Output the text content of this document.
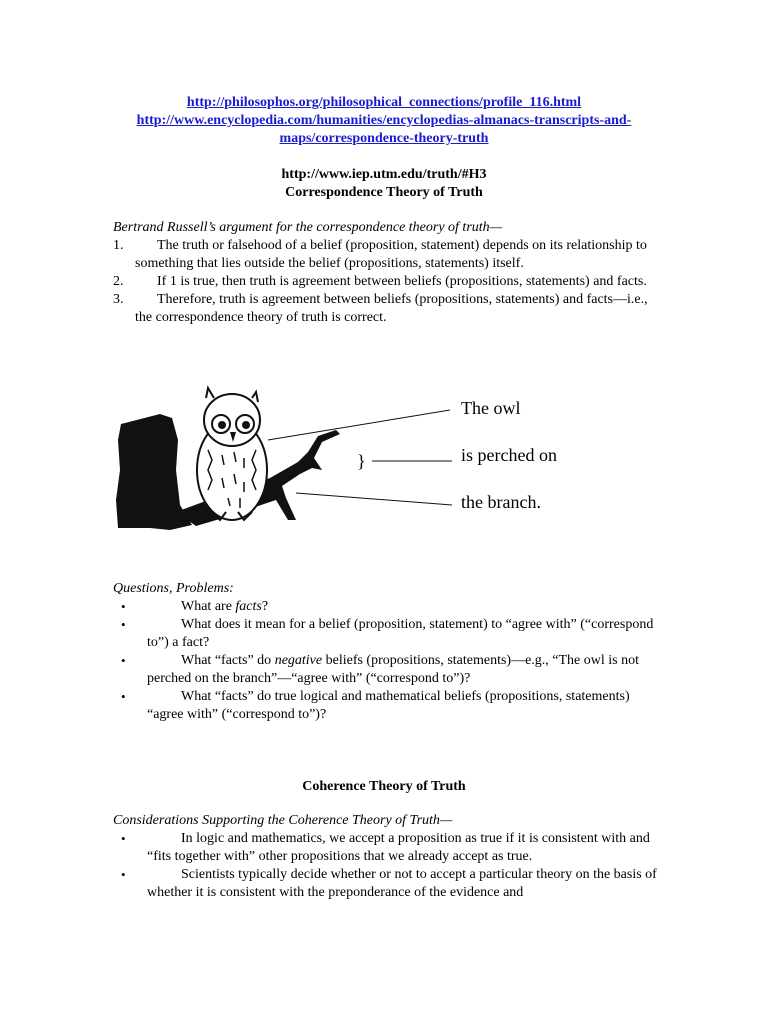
http://philosophos.org/philosophical_connections/profile_116.html
http://www.encyclopedia.com/humanities/encyclopedias-almanacs-transcripts-and-
maps/correspondence-theory-truth
http://www.iep.utm.edu/truth/#H3
Correspondence Theory of Truth
Bertrand Russell’s argument for the correspondence theory of truth—
1.	The truth or falsehood of a belief (proposition, statement) depends on its relationship to something that lies outside the belief (propositions, statements) itself.
2.	If 1 is true, then truth is agreement between beliefs (propositions, statements) and facts.
3.	Therefore, truth is agreement between beliefs (propositions, statements) and facts—i.e., the correspondence theory of truth is correct.
The owl
}	is perched on
the branch.
Questions, Problems:
•	What are facts?
•	What does it mean for a belief (proposition, statement) to “agree with” (“correspond to”) a fact?
•	What “facts” do negative beliefs (propositions, statements)—e.g., “The owl is not perched on the branch”—“agree with” (“correspond to”)?
•	What “facts” do true logical and mathematical beliefs (propositions, statements) “agree with” (“correspond to”)?
Coherence Theory of Truth
Considerations Supporting the Coherence Theory of Truth—
•	In logic and mathematics, we accept a proposition as true if it is consistent with and “fits together with” other propositions that we already accept as true.
•	Scientists typically decide whether or not to accept a particular theory on the basis of whether it is consistent with the preponderance of the evidence and
